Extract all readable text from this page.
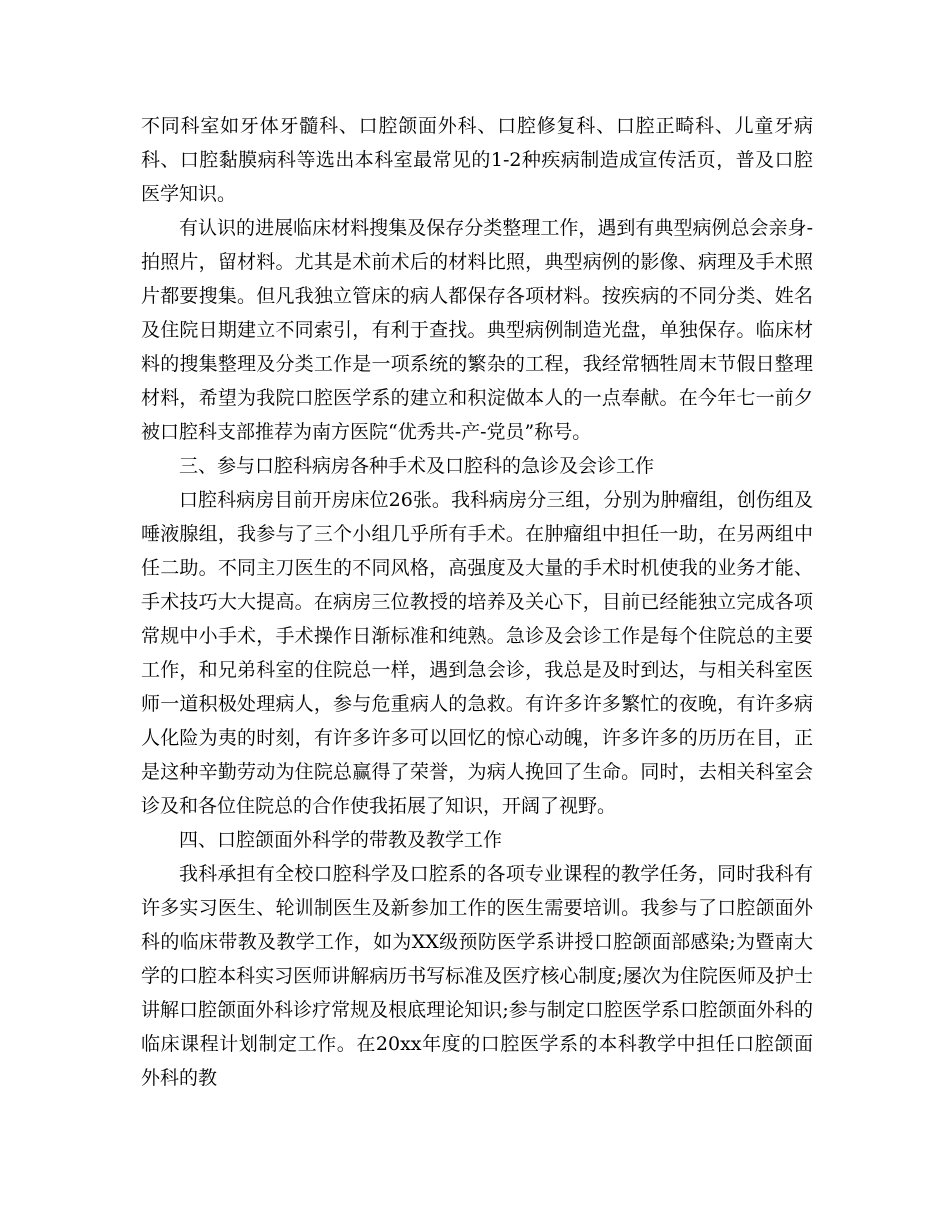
不同科室如牙体牙髓科、口腔颌面外科、口腔修复科、口腔正畸科、儿童牙病科、口腔黏膜病科等选出本科室最常见的1-2种疾病制造成宣传活页，普及口腔医学知识。

有认识的进展临床材料搜集及保存分类整理工作，遇到有典型病例总会亲身-拍照片，留材料。尤其是术前术后的材料比照，典型病例的影像、病理及手术照片都要搜集。但凡我独立管床的病人都保存各项材料。按疾病的不同分类、姓名及住院日期建立不同索引，有利于查找。典型病例制造光盘，单独保存。临床材料的搜集整理及分类工作是一项系统的繁杂的工程，我经常牺牲周末节假日整理材料，希望为我院口腔医学系的建立和积淀做本人的一点奉献。在今年七一前夕被口腔科支部推荐为南方医院“优秀共-产-党员”称号。

三、参与口腔科病房各种手术及口腔科的急诊及会诊工作

口腔科病房目前开房床位26张。我科病房分三组，分别为肿瘤组，创伤组及唾液腺组，我参与了三个小组几乎所有手术。在肿瘤组中担任一助，在另两组中任二助。不同主刀医生的不同风格，高强度及大量的手术时机使我的业务才能、手术技巧大大提高。在病房三位教授的培养及关心下，目前已经能独立完成各项常规中小手术，手术操作日渐标准和纯熟。急诊及会诊工作是每个住院总的主要工作，和兄弟科室的住院总一样，遇到急会诊，我总是及时到达，与相关科室医师一道积极处理病人，参与危重病人的急救。有许多许多繁忙的夜晚，有许多病人化险为夷的时刻，有许多许多可以回忆的惊心动魄，许多许多的历历在目，正是这种辛勤劳动为住院总赢得了荣誉，为病人挽回了生命。同时，去相关科室会诊及和各位住院总的合作使我拓展了知识，开阔了视野。

四、口腔颌面外科学的带教及教学工作

我科承担有全校口腔科学及口腔系的各项专业课程的教学任务，同时我科有许多实习医生、轮训制医生及新参加工作的医生需要培训。我参与了口腔颌面外科的临床带教及教学工作，如为XX级预防医学系讲授口腔颌面部感染;为暨南大学的口腔本科实习医师讲解病历书写标准及医疗核心制度;屡次为住院医师及护士讲解口腔颌面外科诊疗常规及根底理论知识;参与制定口腔医学系口腔颌面外科的临床课程计划制定工作。在20xx年度的口腔医学系的本科教学中担任口腔颌面外科的教
